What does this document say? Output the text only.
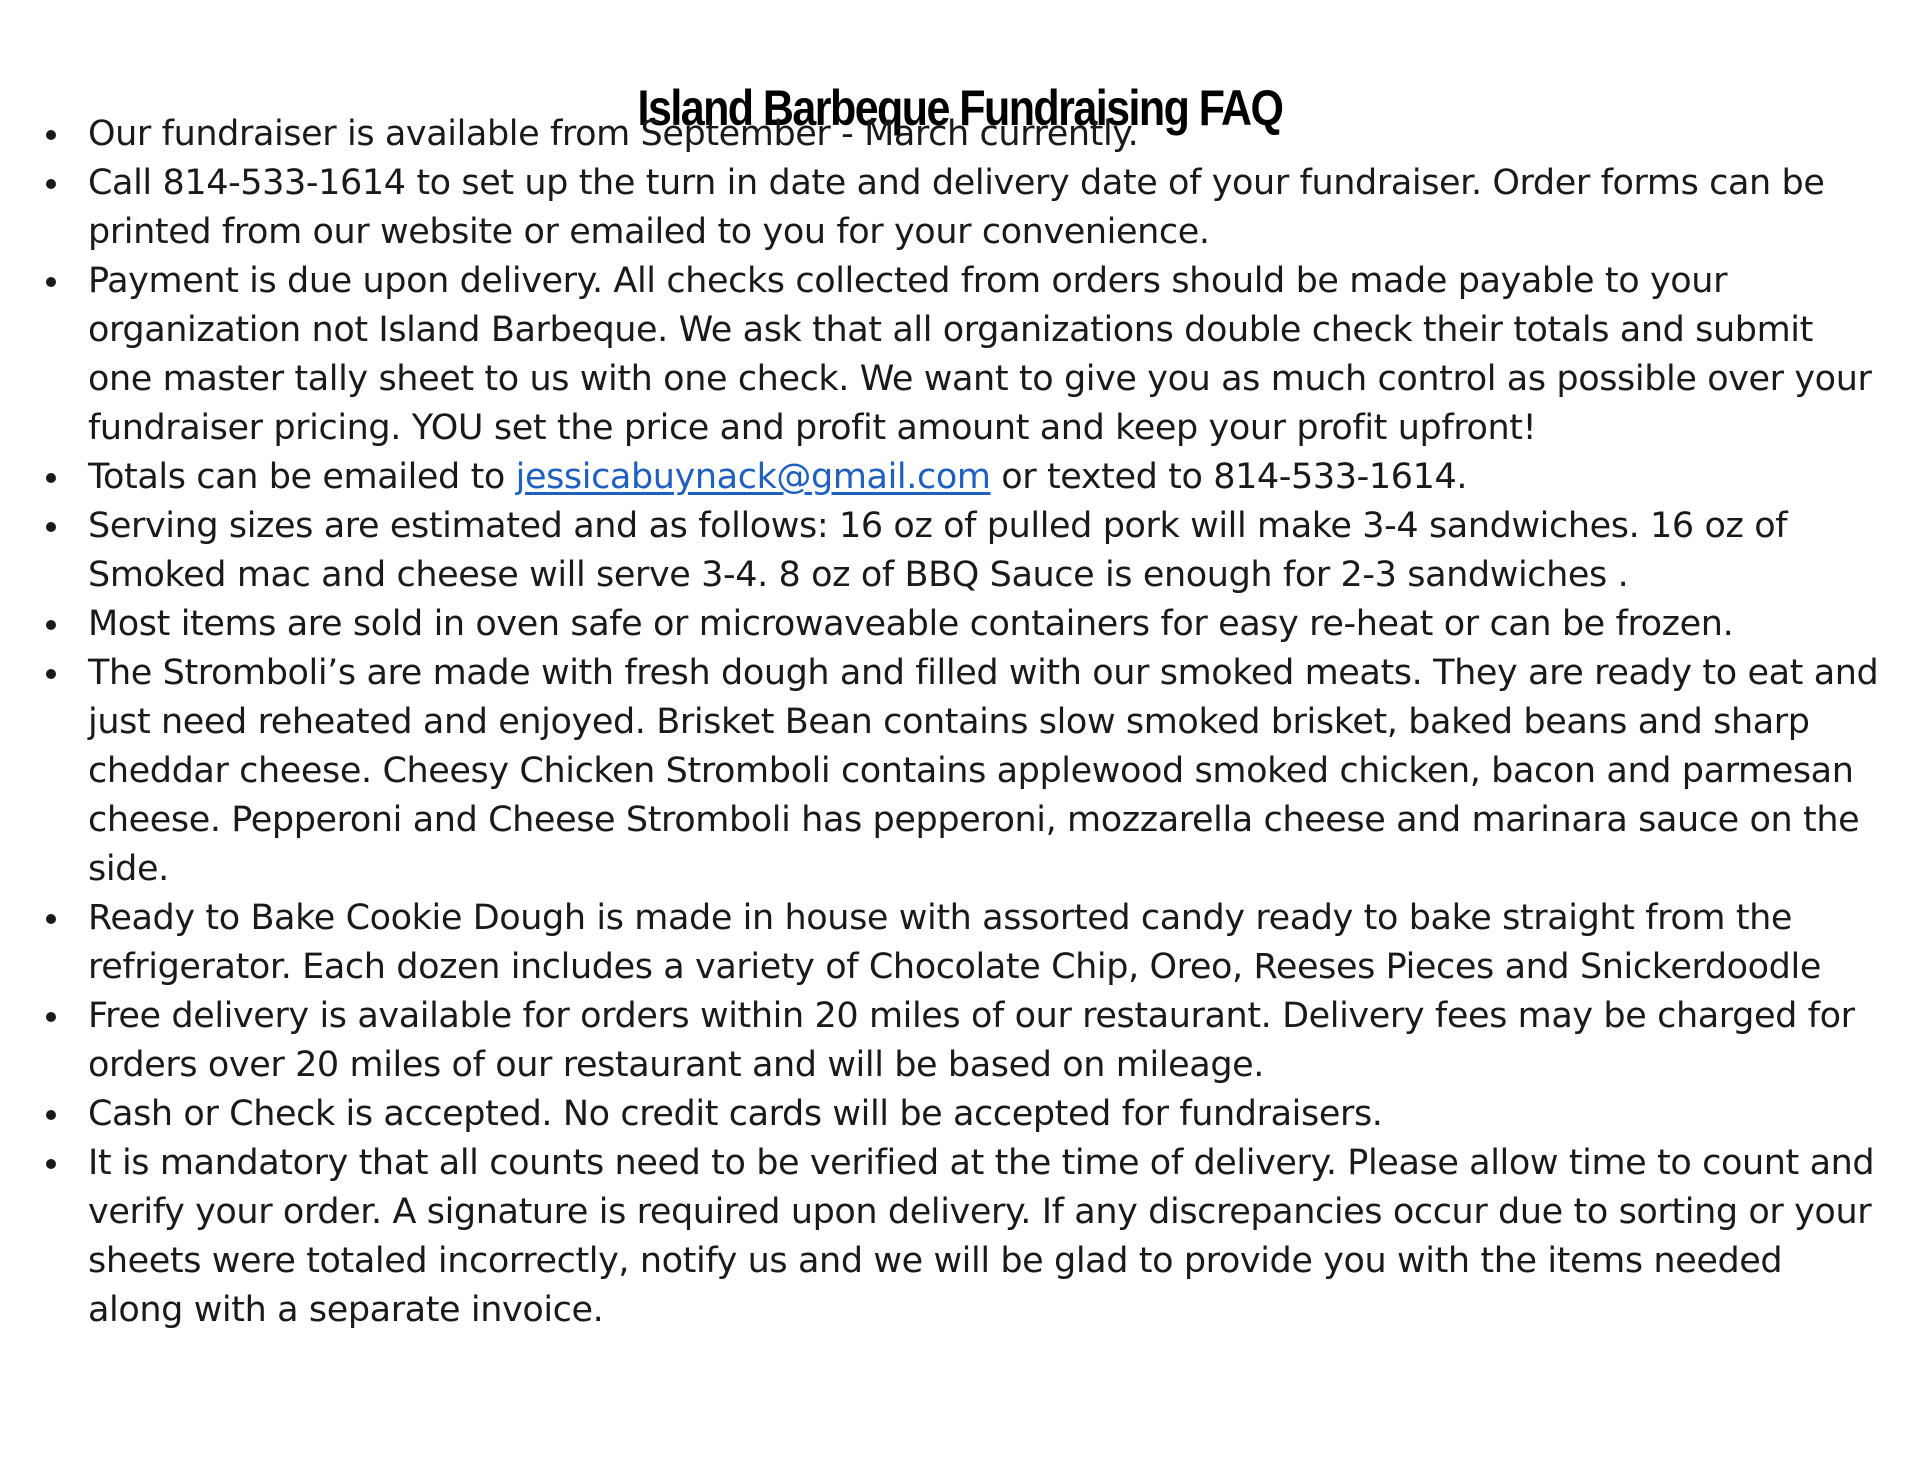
Island Barbeque Fundraising FAQ
Our fundraiser is available from September - March currently.
Call 814-533-1614 to set up the turn in date and delivery date of your fundraiser. Order forms can be printed from our website or emailed to you for your convenience.
Payment is due upon delivery. All checks collected from orders should be made payable to your organization not Island Barbeque. We ask that all organizations double check their totals and submit one master tally sheet to us with one check. We want to give you as much control as possible over your fundraiser pricing. YOU set the price and profit amount and keep your profit upfront!
Totals can be emailed to jessicabuynack@gmail.com or texted to 814-533-1614.
Serving sizes are estimated and as follows: 16 oz of pulled pork will make 3-4 sandwiches. 16 oz of Smoked mac and cheese will serve 3-4. 8 oz of BBQ Sauce is enough for 2-3 sandwiches .
Most items are sold in oven safe or microwaveable containers for easy re-heat or can be frozen.
The Stromboli’s are made with fresh dough and filled with our smoked meats. They are ready to eat and just need reheated and enjoyed. Brisket Bean contains slow smoked brisket, baked beans and sharp cheddar cheese. Cheesy Chicken Stromboli contains applewood smoked chicken, bacon and parmesan cheese. Pepperoni and Cheese Stromboli has pepperoni, mozzarella cheese and marinara sauce on the side.
Ready to Bake Cookie Dough is made in house with assorted candy ready to bake straight from the refrigerator. Each dozen includes a variety of Chocolate Chip, Oreo, Reeses Pieces and Snickerdoodle
Free delivery is available for orders within 20 miles of our restaurant. Delivery fees may be charged for orders over 20 miles of our restaurant and will be based on mileage.
Cash or Check is accepted. No credit cards will be accepted for fundraisers.
It is mandatory that all counts need to be verified at the time of delivery. Please allow time to count and verify your order. A signature is required upon delivery. If any discrepancies occur due to sorting or your sheets were totaled incorrectly, notify us and we will be glad to provide you with the items needed along with a separate invoice.
